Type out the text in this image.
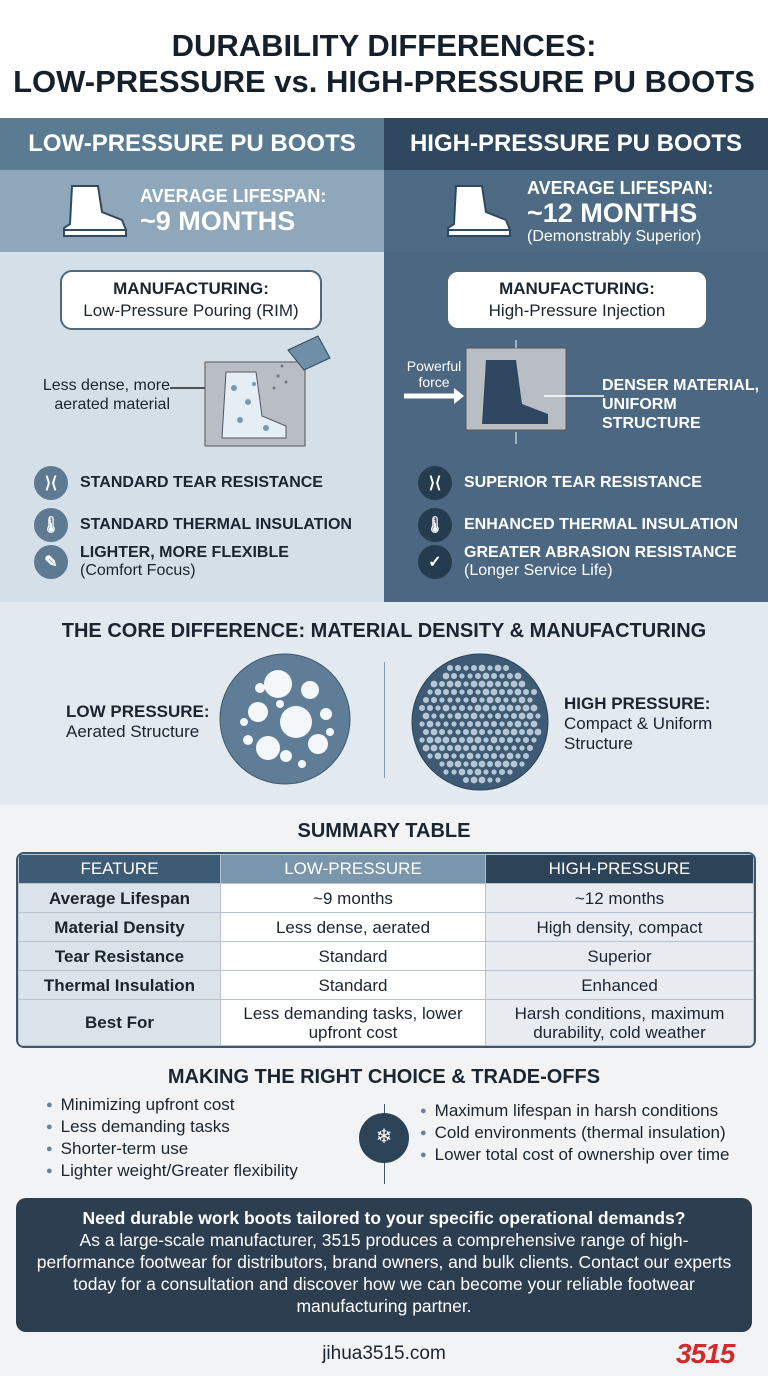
DURABILITY DIFFERENCES:
LOW-PRESSURE vs. HIGH-PRESSURE PU BOOTS
LOW-PRESSURE PU BOOTS	HIGH-PRESSURE PU BOOTS
AVERAGE LIFESPAN:
~9 MONTHS
AVERAGE LIFESPAN:
~12 MONTHS
(Demonstrably Superior)
MANUFACTURING:
Low-Pressure Pouring (RIM)
Less dense, more aerated material
⟩⟨	STANDARD TEAR RESISTANCE
🌡	STANDARD THERMAL INSULATION
✎
LIGHTER, MORE FLEXIBLE
(Comfort Focus)
MANUFACTURING:
High-Pressure Injection
Powerful force	DENSER MATERIAL, UNIFORM STRUCTURE
⟩⟨	SUPERIOR TEAR RESISTANCE
🌡	ENHANCED THERMAL INSULATION
✓
GREATER ABRASION RESISTANCE
(Longer Service Life)
THE CORE DIFFERENCE: MATERIAL DENSITY & MANUFACTURING
LOW PRESSURE:
Aerated Structure
HIGH PRESSURE:
Compact & Uniform Structure
SUMMARY TABLE
FEATURE	LOW-PRESSURE	HIGH-PRESSURE
Average Lifespan	~9 months	~12 months
Material Density	Less dense, aerated	High density, compact
Tear Resistance	Standard	Superior
Thermal Insulation	Standard	Enhanced
Best For	Less demanding tasks, lower upfront cost	Harsh conditions, maximum durability, cold weather
MAKING THE RIGHT CHOICE & TRADE-OFFS
● Minimizing upfront cost
● Less demanding tasks
● Shorter-term use
● Lighter weight/Greater flexibility
❄
● Maximum lifespan in harsh conditions
● Cold environments (thermal insulation)
● Lower total cost of ownership over time
Need durable work boots tailored to your specific operational demands?
As a large-scale manufacturer, 3515 produces a comprehensive range of high-performance footwear for distributors, brand owners, and bulk clients. Contact our experts today for a consultation and discover how we can become your reliable footwear manufacturing partner.
jihua3515.com	3515
